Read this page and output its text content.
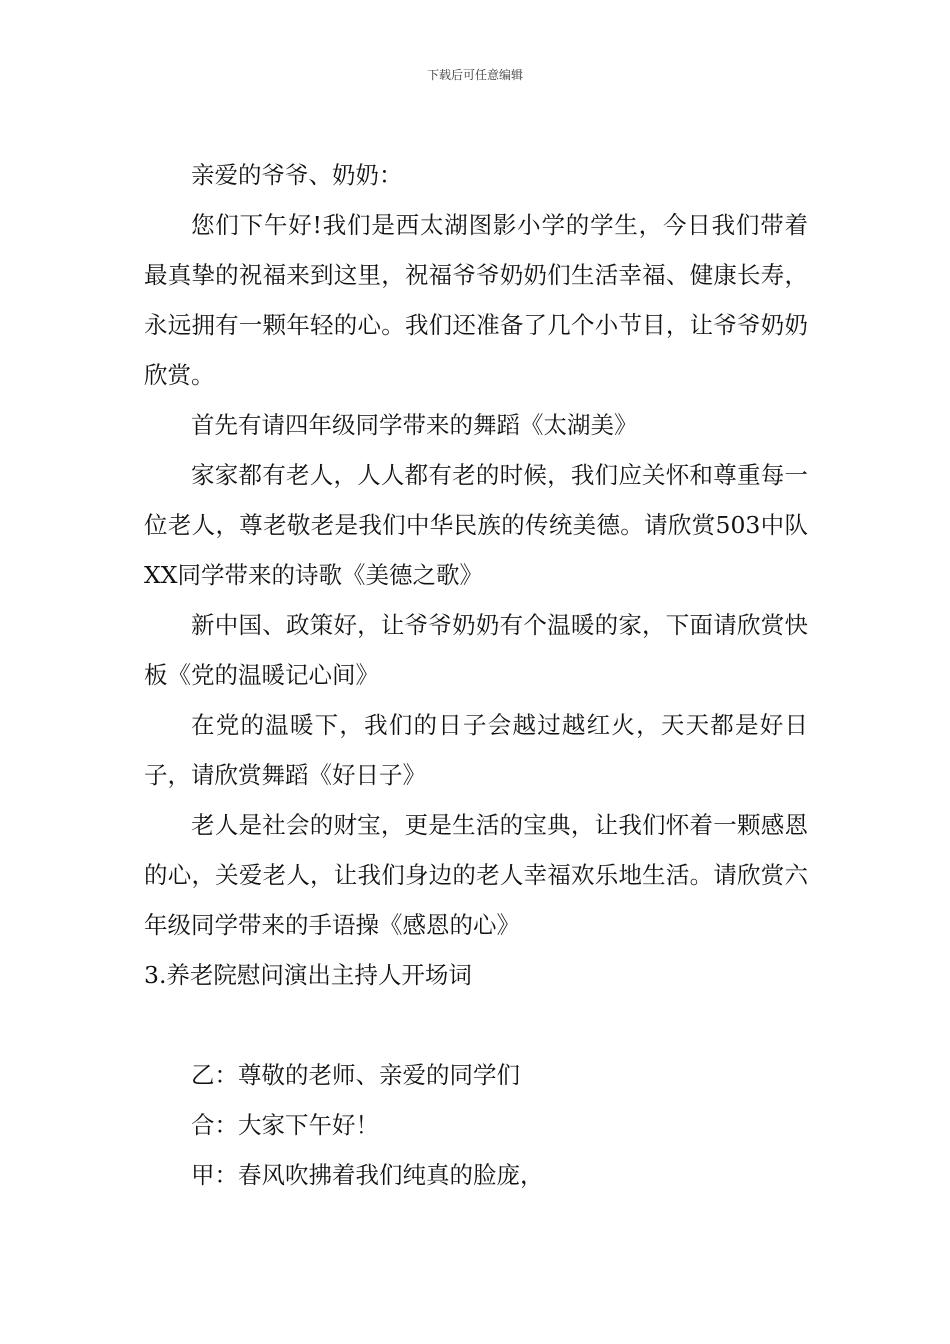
下载后可任意编辑

亲爱的爷爷、奶奶：

您们下午好!我们是西太湖图影小学的学生，今日我们带着最真挚的祝福来到这里，祝福爷爷奶奶们生活幸福、健康长寿，永远拥有一颗年轻的心。我们还准备了几个小节目，让爷爷奶奶欣赏。

首先有请四年级同学带来的舞蹈《太湖美》

家家都有老人，人人都有老的时候，我们应关怀和尊重每一位老人，尊老敬老是我们中华民族的传统美德。请欣赏503中队XX同学带来的诗歌《美德之歌》

新中国、政策好，让爷爷奶奶有个温暖的家，下面请欣赏快板《党的温暖记心间》

在党的温暖下，我们的日子会越过越红火，天天都是好日子，请欣赏舞蹈《好日子》

老人是社会的财宝，更是生活的宝典，让我们怀着一颗感恩的心，关爱老人，让我们身边的老人幸福欢乐地生活。请欣赏六年级同学带来的手语操《感恩的心》

3.养老院慰问演出主持人开场词

乙：尊敬的老师、亲爱的同学们

合：大家下午好！

甲：春风吹拂着我们纯真的脸庞，
